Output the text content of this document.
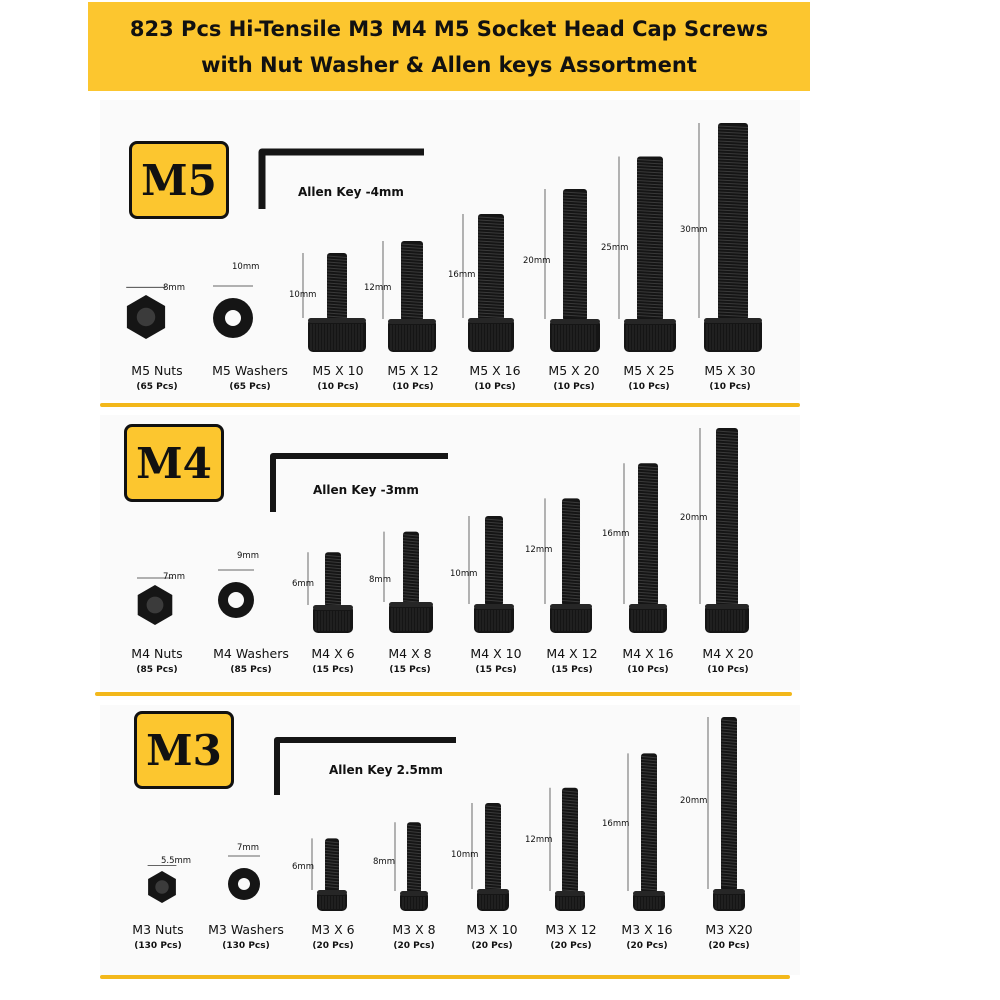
823 Pcs Hi-Tensile M3 M4 M5 Socket Head Cap Screws
with Nut Washer & Allen keys Assortment
M5	Allen Key -4mm
8mm
10mm
10mm
12mm
16mm
20mm
25mm
30mm
M5 Nuts
(65 Pcs)
M5 Washers
(65 Pcs)
M5 X 10
(10 Pcs)
M5 X 12
(10 Pcs)
M5 X 16
(10 Pcs)
M5 X 20
(10 Pcs)
M5 X 25
(10 Pcs)
M5 X 30
(10 Pcs)
M4
Allen Key -3mm
7mm
9mm
6mm	8mm
10mm
12mm
16mm
20mm
M4 Nuts
(85 Pcs)
M4 Washers
(85 Pcs)
M4 X 6
(15 Pcs)
M4 X 8
(15 Pcs)
M4 X 10
(15 Pcs)
M4 X 12
(15 Pcs)
M4 X 16
(10 Pcs)
M4 X 20
(10 Pcs)
M3	Allen Key 2.5mm
5.5mm
7mm
6mm	8mm
10mm
12mm
16mm
20mm
M3 Nuts
(130 Pcs)
M3 Washers
(130 Pcs)
M3 X 6
(20 Pcs)
M3 X 8
(20 Pcs)
M3 X 10
(20 Pcs)
M3 X 12
(20 Pcs)
M3 X 16
(20 Pcs)
M3 X20
(20 Pcs)
